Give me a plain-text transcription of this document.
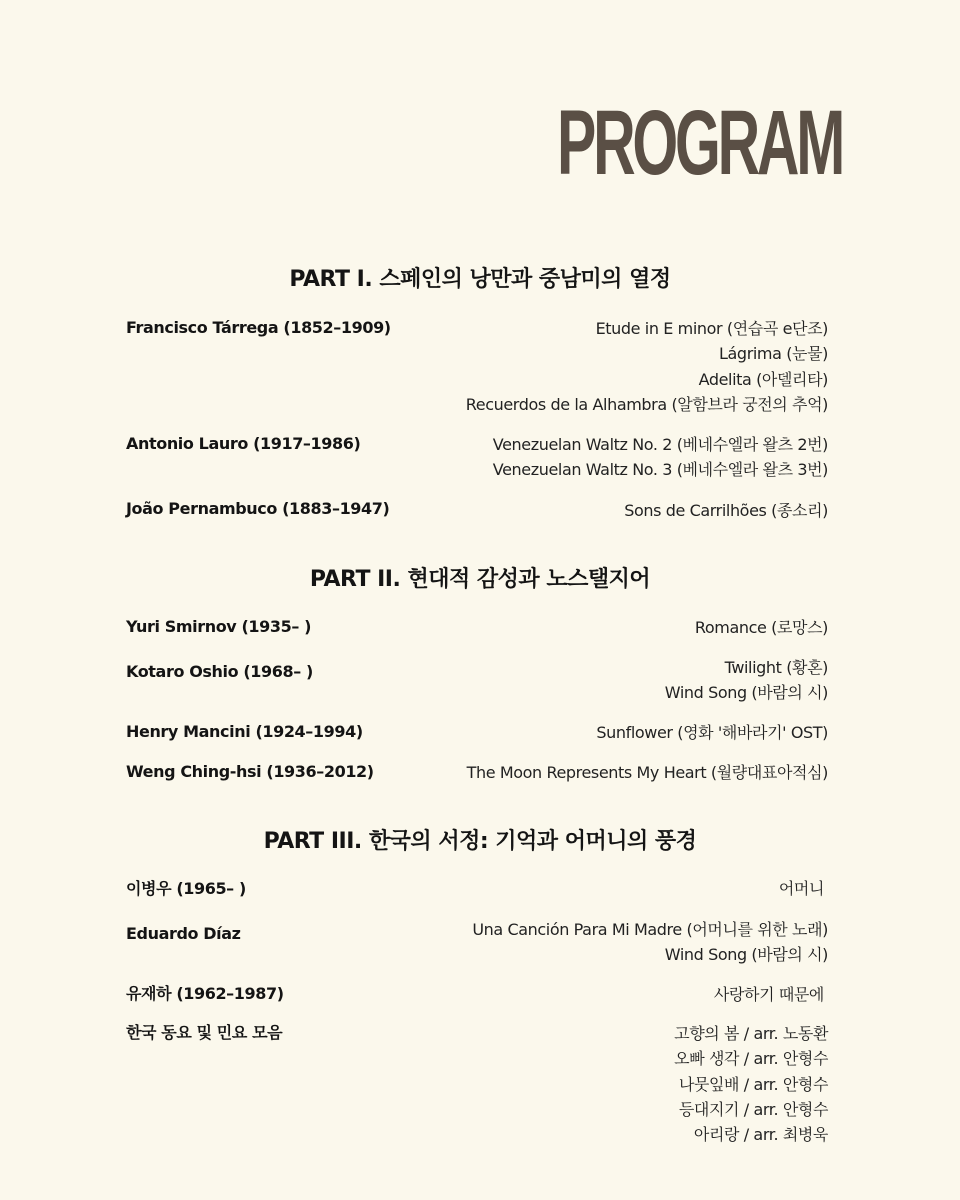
PROGRAM
PART I. 스페인의 낭만과 중남미의 열정
Francisco Tárrega (1852–1909)	Etude in E minor (연습곡 e단조)
Lágrima (눈물)
Adelita (아델리타)
Recuerdos de la Alhambra (알함브라 궁전의 추억)
Antonio Lauro (1917–1986)	Venezuelan Waltz No. 2 (베네수엘라 왈츠 2번)
Venezuelan Waltz No. 3 (베네수엘라 왈츠 3번)
João Pernambuco (1883–1947)	Sons de Carrilhões (종소리)
PART II. 현대적 감성과 노스탤지어
Yuri Smirnov (1935– )	Romance (로망스)
Kotaro Oshio (1968– )	Twilight (황혼)
Wind Song (바람의 시)
Henry Mancini (1924–1994)	Sunflower (영화 '해바라기' OST)
Weng Ching-hsi (1936–2012)	The Moon Represents My Heart (월량대표아적심)
PART III. 한국의 서정: 기억과 어머니의 풍경
이병우 (1965– )	어머니
Eduardo Díaz	Una Canción Para Mi Madre (어머니를 위한 노래)
Wind Song (바람의 시)
유재하 (1962–1987)	사랑하기 때문에
한국 동요 및 민요 모음	고향의 봄 / arr. 노동환
오빠 생각 / arr. 안형수
나뭇잎배 / arr. 안형수
등대지기 / arr. 안형수
아리랑 / arr. 최병욱
